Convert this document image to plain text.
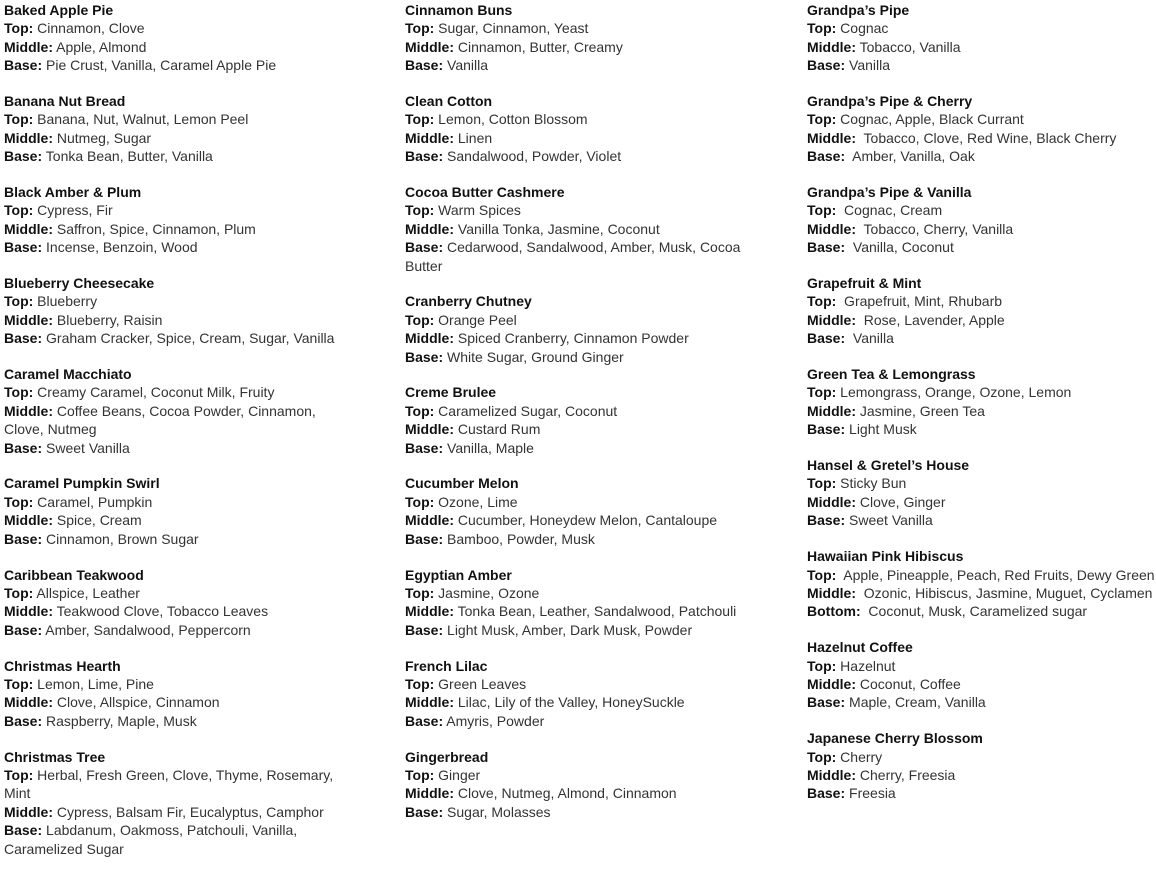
Baked Apple Pie
Top: Cinnamon, Clove
Middle: Apple, Almond
Base: Pie Crust, Vanilla, Caramel Apple Pie
Banana Nut Bread
Top: Banana, Nut, Walnut, Lemon Peel
Middle: Nutmeg, Sugar
Base: Tonka Bean, Butter, Vanilla
Black Amber & Plum
Top: Cypress, Fir
Middle: Saffron, Spice, Cinnamon, Plum
Base: Incense, Benzoin, Wood
Blueberry Cheesecake
Top: Blueberry
Middle: Blueberry, Raisin
Base: Graham Cracker, Spice, Cream, Sugar, Vanilla
Caramel Macchiato
Top: Creamy Caramel, Coconut Milk, Fruity
Middle: Coffee Beans, Cocoa Powder, Cinnamon, Clove, Nutmeg
Base: Sweet Vanilla
Caramel Pumpkin Swirl
Top: Caramel, Pumpkin
Middle: Spice, Cream
Base: Cinnamon, Brown Sugar
Caribbean Teakwood
Top: Allspice, Leather
Middle: Teakwood Clove, Tobacco Leaves
Base: Amber, Sandalwood, Peppercorn
Christmas Hearth
Top: Lemon, Lime, Pine
Middle: Clove, Allspice, Cinnamon
Base: Raspberry, Maple, Musk
Christmas Tree
Top: Herbal, Fresh Green, Clove, Thyme, Rosemary, Mint
Middle: Cypress, Balsam Fir, Eucalyptus, Camphor
Base: Labdanum, Oakmoss, Patchouli, Vanilla, Caramelized Sugar
Cinnamon Buns
Top: Sugar, Cinnamon, Yeast
Middle: Cinnamon, Butter, Creamy
Base: Vanilla
Clean Cotton
Top: Lemon, Cotton Blossom
Middle: Linen
Base: Sandalwood, Powder, Violet
Cocoa Butter Cashmere
Top: Warm Spices
Middle: Vanilla Tonka, Jasmine, Coconut
Base: Cedarwood, Sandalwood, Amber, Musk, Cocoa Butter
Cranberry Chutney
Top: Orange Peel
Middle: Spiced Cranberry, Cinnamon Powder
Base: White Sugar, Ground Ginger
Creme Brulee
Top: Caramelized Sugar, Coconut
Middle: Custard Rum
Base: Vanilla, Maple
Cucumber Melon
Top: Ozone, Lime
Middle: Cucumber, Honeydew Melon, Cantaloupe
Base: Bamboo, Powder, Musk
Egyptian Amber
Top: Jasmine, Ozone
Middle: Tonka Bean, Leather, Sandalwood, Patchouli
Base: Light Musk, Amber, Dark Musk, Powder
French Lilac
Top: Green Leaves
Middle: Lilac, Lily of the Valley, HoneySuckle
Base: Amyris, Powder
Gingerbread
Top: Ginger
Middle: Clove, Nutmeg, Almond, Cinnamon
Base: Sugar, Molasses
Grandpa’s Pipe
Top: Cognac
Middle: Tobacco, Vanilla
Base: Vanilla
Grandpa’s Pipe & Cherry
Top: Cognac, Apple, Black Currant
Middle:  Tobacco, Clove, Red Wine, Black Cherry
Base:  Amber, Vanilla, Oak
Grandpa’s Pipe & Vanilla
Top:  Cognac, Cream
Middle:  Tobacco, Cherry, Vanilla
Base:  Vanilla, Coconut
Grapefruit & Mint
Top:  Grapefruit, Mint, Rhubarb
Middle:  Rose, Lavender, Apple
Base:  Vanilla
Green Tea & Lemongrass
Top: Lemongrass, Orange, Ozone, Lemon
Middle: Jasmine, Green Tea
Base: Light Musk
Hansel & Gretel’s House
Top: Sticky Bun
Middle: Clove, Ginger
Base: Sweet Vanilla
Hawaiian Pink Hibiscus
Top:  Apple, Pineapple, Peach, Red Fruits, Dewy Green
Middle:  Ozonic, Hibiscus, Jasmine, Muguet, Cyclamen
Bottom:  Coconut, Musk, Caramelized sugar
Hazelnut Coffee
Top: Hazelnut
Middle: Coconut, Coffee
Base: Maple, Cream, Vanilla
Japanese Cherry Blossom
Top: Cherry
Middle: Cherry, Freesia
Base: Freesia
